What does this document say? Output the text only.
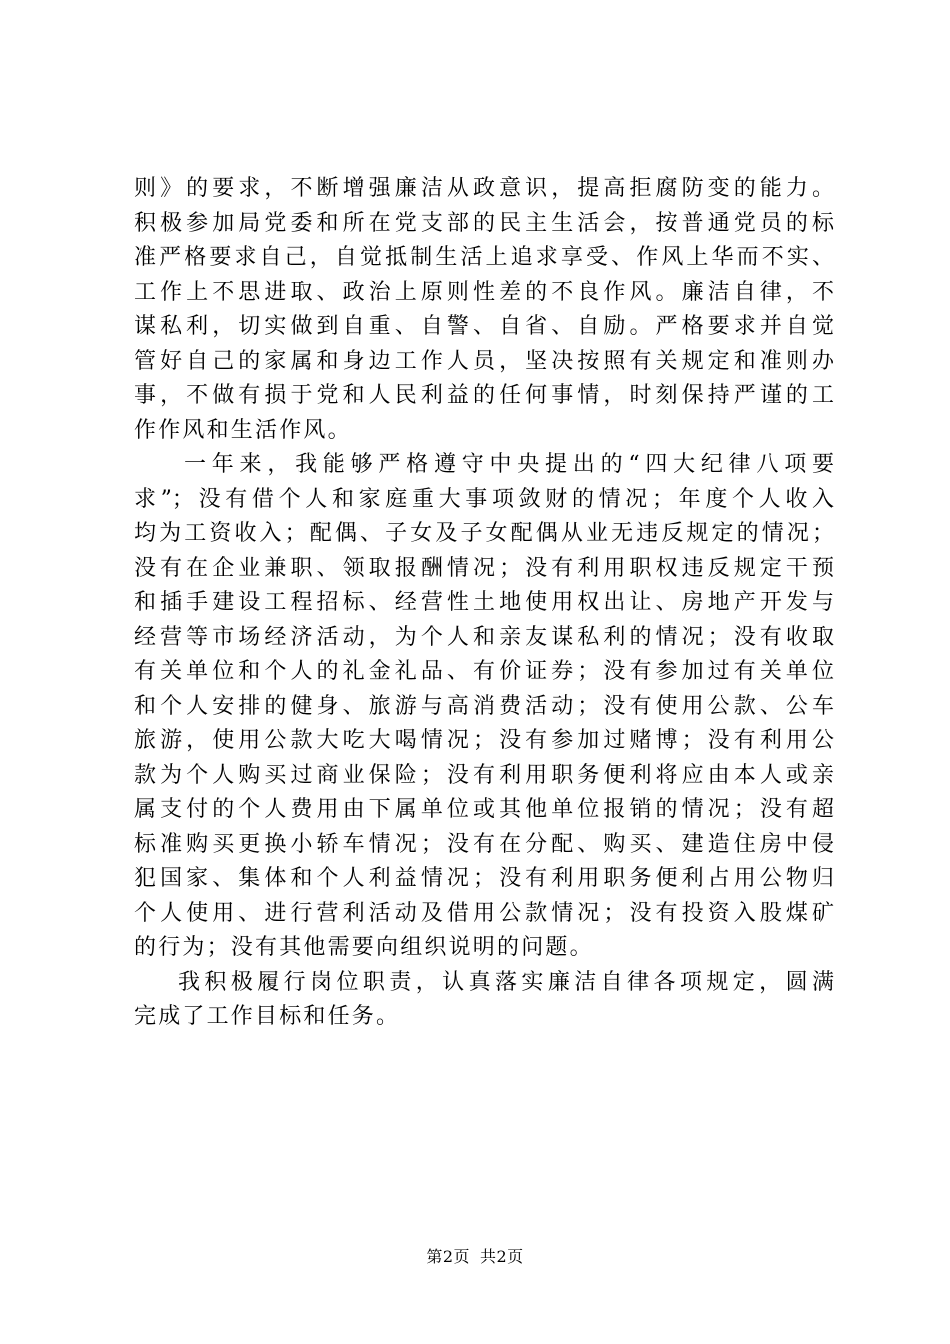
则》的要求，不断增强廉洁从政意识，提高拒腐防变的能力。
积极参加局党委和所在党支部的民主生活会，按普通党员的标
准严格要求自己，自觉抵制生活上追求享受、作风上华而不实、
工作上不思进取、政治上原则性差的不良作风。廉洁自律，不
谋私利，切实做到自重、自警、自省、自励。严格要求并自觉
管好自己的家属和身边工作人员，坚决按照有关规定和准则办
事，不做有损于党和人民利益的任何事情，时刻保持严谨的工
作作风和生活作风。
一年来，我能够严格遵守中央提出的“四大纪律八项要
求”；没有借个人和家庭重大事项敛财的情况；年度个人收入
均为工资收入；配偶、子女及子女配偶从业无违反规定的情况；
没有在企业兼职、领取报酬情况；没有利用职权违反规定干预
和插手建设工程招标、经营性土地使用权出让、房地产开发与
经营等市场经济活动，为个人和亲友谋私利的情况；没有收取
有关单位和个人的礼金礼品、有价证券；没有参加过有关单位
和个人安排的健身、旅游与高消费活动；没有使用公款、公车
旅游，使用公款大吃大喝情况；没有参加过赌博；没有利用公
款为个人购买过商业保险；没有利用职务便利将应由本人或亲
属支付的个人费用由下属单位或其他单位报销的情况；没有超
标准购买更换小轿车情况；没有在分配、购买、建造住房中侵
犯国家、集体和个人利益情况；没有利用职务便利占用公物归
个人使用、进行营利活动及借用公款情况；没有投资入股煤矿
的行为；没有其他需要向组织说明的问题。
我积极履行岗位职责，认真落实廉洁自律各项规定，圆满
完成了工作目标和任务。
第2页 共2页
